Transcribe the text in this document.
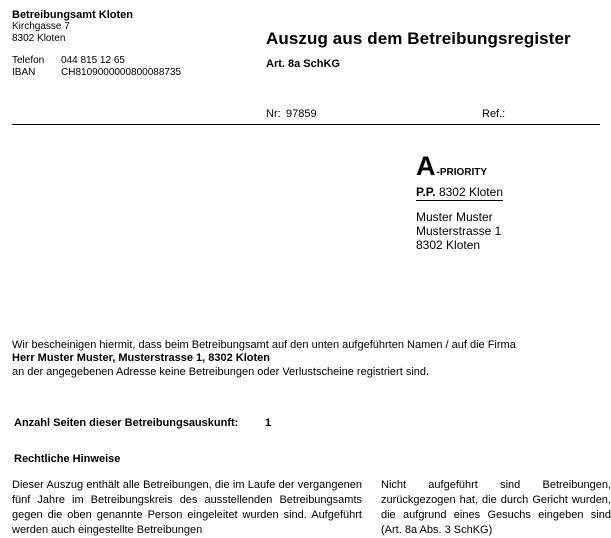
Betreibungsamt Kloten
Kirchgasse 7
8302 Kloten
Telefon 044 815 12 65
IBAN	CH8109000000800088735
Auszug aus dem Betreibungsregister
Art. 8a SchKG
Nr: 97859	Ref.:
A-PRIORITY
P.P. 8302 Kloten
Muster Muster
Musterstrasse 1
8302 Kloten
Wir bescheinigen hiermit, dass beim Betreibungsamt auf den unten aufgeführten Namen / auf die Firma
Herr Muster Muster, Musterstrasse 1, 8302 Kloten
an der angegebenen Adresse keine Betreibungen oder Verlustscheine registriert sind.
Anzahl Seiten dieser Betreibungsauskunft: 1
Rechtliche Hinweise

Dieser Auszug enthält alle Betreibungen, die im Laufe der vergangenen fünf Jahre im Betreibungskreis des ausstellenden Betreibungsamts gegen die oben genannte Person eingeleitet wurden sind. Aufgeführt werden auch eingestellte Betreibungen

Nicht aufgeführt sind Betreibungen, zurückgezogen hat, die durch Gericht wurden, die aufgrund eines Gesuchs eingeben sind (Art. 8a Abs. 3 SchKG)
